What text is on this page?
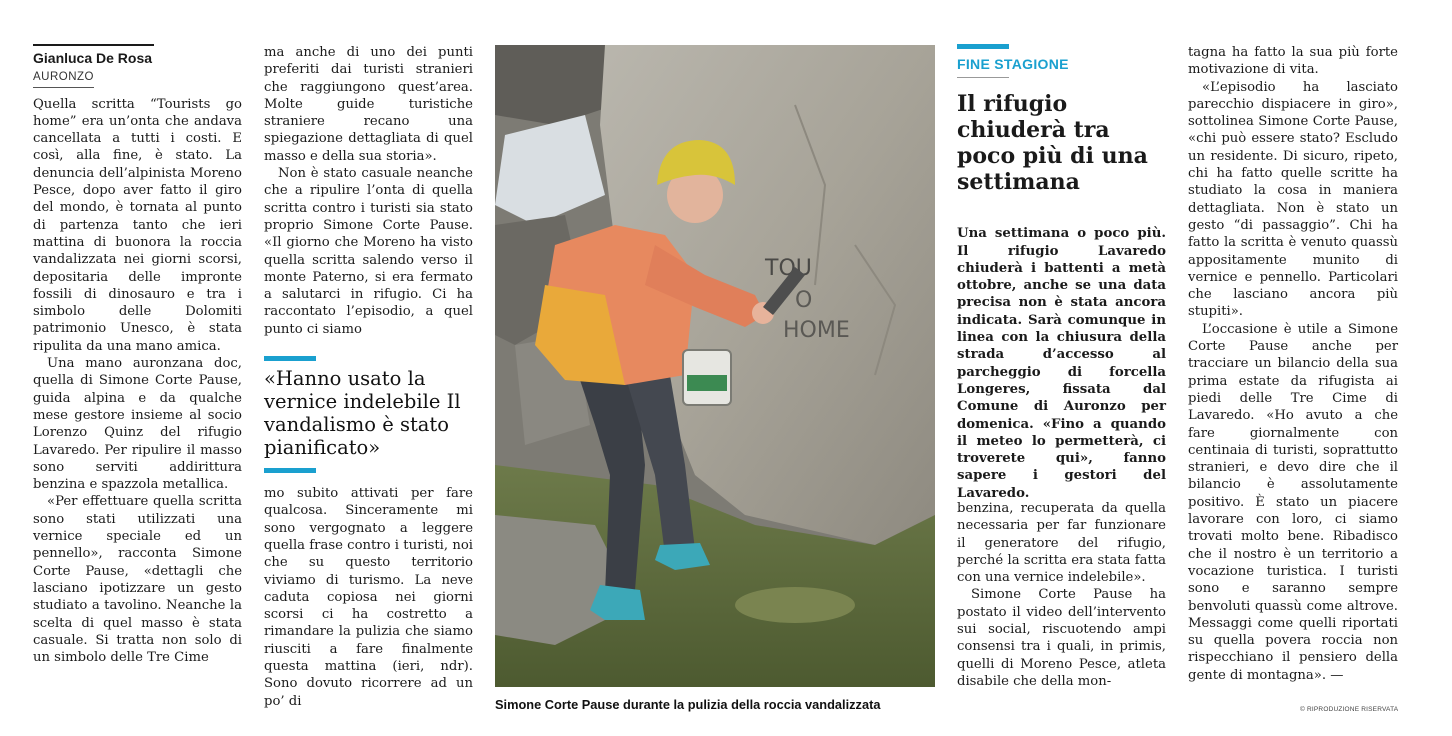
Gianluca De Rosa
AURONZO

Quella scritta “Tourists go home” era un’onta che andava cancellata a tutti i costi. E così, alla fine, è stato. La denuncia dell’alpinista Moreno Pesce, dopo aver fatto il giro del mondo, è tornata al punto di partenza tanto che ieri mattina di buonora la roccia vandalizzata nei giorni scorsi, depositaria delle impronte fossili di dinosauro e tra i simbolo delle Dolomiti patrimonio Unesco, è stata ripulita da una mano amica.

Una mano auronzana doc, quella di Simone Corte Pause, guida alpina e da qualche mese gestore insieme al socio Lorenzo Quinz del rifugio Lavaredo. Per ripulire il masso sono serviti addirittura benzina e spazzola metallica.

«Per effettuare quella scritta sono stati utilizzati una vernice speciale ed un pennello», racconta Simone Corte Pause, «dettagli che lasciano ipotizzare un gesto studiato a tavolino. Neanche la scelta di quel masso è stata casuale. Si tratta non solo di un simbolo delle Tre Cime

ma anche di uno dei punti preferiti dai turisti stranieri che raggiungono quest’area. Molte guide turistiche straniere recano una spiegazione dettagliata di quel masso e della sua storia».

Non è stato casuale neanche che a ripulire l’onta di quella scritta contro i turisti sia stato proprio Simone Corte Pause. «Il giorno che Moreno ha visto quella scritta salendo verso il monte Paterno, si era fermato a salutarci in rifugio. Ci ha raccontato l’episodio, a quel punto ci siamo

«Hanno usato la vernice indelebile Il vandalismo è stato pianificato»

mo subito attivati per fare qualcosa. Sinceramente mi sono vergognato a leggere quella frase contro i turisti, noi che su questo territorio viviamo di turismo. La neve caduta copiosa nei giorni scorsi ci ha costretto a rimandare la pulizia che siamo riusciti a fare finalmente questa mattina (ieri, ndr). Sono dovuto ricorrere ad un po’ di

TOU
O
HOME
Simone Corte Pause durante la pulizia della roccia vandalizzata
FINE STAGIONE
Il rifugio chiuderà tra poco più di una settimana
Una settimana o poco più. Il rifugio Lavaredo chiuderà i battenti a metà ottobre, anche se una data precisa non è stata ancora indicata. Sarà comunque in linea con la chiusura della strada d’accesso al parcheggio di forcella Longeres, fissata dal Comune di Auronzo per domenica. «Fino a quando il meteo lo permetterà, ci troverete qui», fanno sapere i gestori del Lavaredo.

benzina, recuperata da quella necessaria per far funzionare il generatore del rifugio, perché la scritta era stata fatta con una vernice indelebile».

Simone Corte Pause ha postato il video dell’intervento sui social, riscuotendo ampi consensi tra i quali, in primis, quelli di Moreno Pesce, atleta disabile che della mon-

tagna ha fatto la sua più forte motivazione di vita.

«L’episodio ha lasciato parecchio dispiacere in giro», sottolinea Simone Corte Pause, «chi può essere stato? Escludo un residente. Di sicuro, ripeto, chi ha fatto quelle scritte ha studiato la cosa in maniera dettagliata. Non è stato un gesto “di passaggio”. Chi ha fatto la scritta è venuto quassù appositamente munito di vernice e pennello. Particolari che lasciano ancora più stupiti».

L’occasione è utile a Simone Corte Pause anche per tracciare un bilancio della sua prima estate da rifugista ai piedi delle Tre Cime di Lavaredo. «Ho avuto a che fare giornalmente con centinaia di turisti, soprattutto stranieri, e devo dire che il bilancio è assolutamente positivo. È stato un piacere lavorare con loro, ci siamo trovati molto bene. Ribadisco che il nostro è un territorio a vocazione turistica. I turisti sono e saranno sempre benvoluti quassù come altrove. Messaggi come quelli riportati su quella povera roccia non rispecchiano il pensiero della gente di montagna». —

© RIPRODUZIONE RISERVATA
